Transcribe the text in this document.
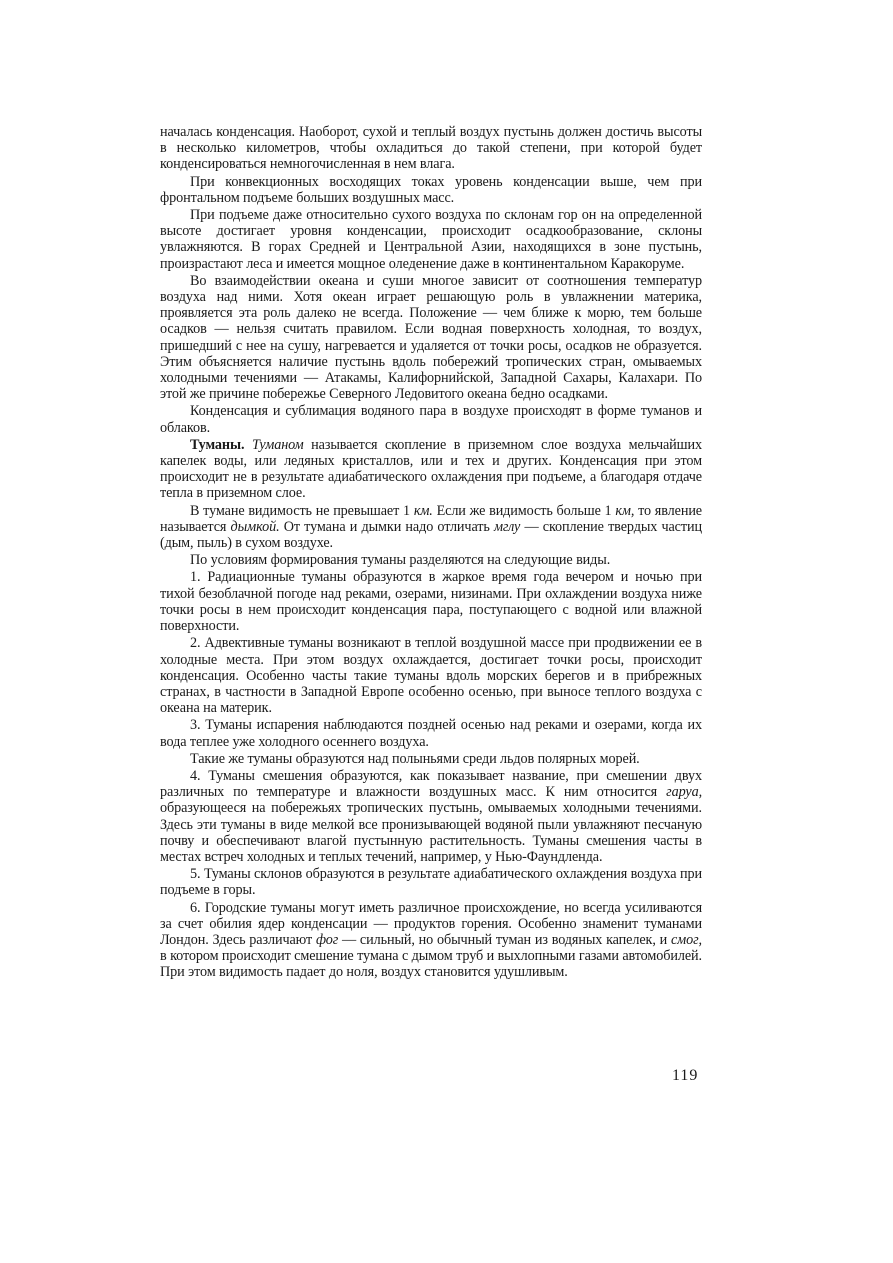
началась конденсация. Наоборот, сухой и теплый воздух пустынь должен достичь высоты в несколько километров, чтобы охладиться до такой степени, при которой будет конденсироваться немногочисленная в нем влага.

При конвекционных восходящих токах уровень конденсации выше, чем при фронтальном подъеме больших воздушных масс.

При подъеме даже относительно сухого воздуха по склонам гор он на определенной высоте достигает уровня конденсации, происходит осадкообразование, склоны увлажняются. В горах Средней и Центральной Азии, находящихся в зоне пустынь, произрастают леса и имеется мощное оледенение даже в континентальном Каракоруме.

Во взаимодействии океана и суши многое зависит от соотношения температур воздуха над ними. Хотя океан играет решающую роль в увлажнении материка, проявляется эта роль далеко не всегда. Положение — чем ближе к морю, тем больше осадков — нельзя считать правилом. Если водная поверхность холодная, то воздух, пришедший с нее на сушу, нагревается и удаляется от точки росы, осадков не образуется. Этим объясняется наличие пустынь вдоль побережий тропических стран, омываемых холодными течениями — Атакамы, Калифорнийской, Западной Сахары, Калахари. По этой же причине побережье Северного Ледовитого океана бедно осадками.

Конденсация и сублимация водяного пара в воздухе происходят в форме туманов и облаков.

Туманы. Туманом называется скопление в приземном слое воздуха мельчайших капелек воды, или ледяных кристаллов, или и тех и других. Конденсация при этом происходит не в результате адиабатического охлаждения при подъеме, а благодаря отдаче тепла в приземном слое.

В тумане видимость не превышает 1 км. Если же видимость больше 1 км, то явление называется дымкой. От тумана и дымки надо отличать мглу — скопление твердых частиц (дым, пыль) в сухом воздухе.

По условиям формирования туманы разделяются на следующие виды.

1. Радиационные туманы образуются в жаркое время года вечером и ночью при тихой безоблачной погоде над реками, озерами, низинами. При охлаждении воздуха ниже точки росы в нем происходит конденсация пара, поступающего с водной или влажной поверхности.

2. Адвективные туманы возникают в теплой воздушной массе при продвижении ее в холодные места. При этом воздух охлаждается, достигает точки росы, происходит конденсация. Особенно часты такие туманы вдоль морских берегов и в прибрежных странах, в частности в Западной Европе особенно осенью, при выносе теплого воздуха с океана на материк.

3. Туманы испарения наблюдаются поздней осенью над реками и озерами, когда их вода теплее уже холодного осеннего воздуха.

Такие же туманы образуются над полыньями среди льдов полярных морей.

4. Туманы смешения образуются, как показывает название, при смешении двух различных по температуре и влажности воздушных масс. К ним относится гаруа, образующееся на побережьях тропических пустынь, омываемых холодными течениями. Здесь эти туманы в виде мелкой все пронизывающей водяной пыли увлажняют песчаную почву и обеспечивают влагой пустынную растительность. Туманы смешения часты в местах встреч холодных и теплых течений, например, у Нью-Фаундленда.

5. Туманы склонов образуются в результате адиабатического охлаждения воздуха при подъеме в горы.

6. Городские туманы могут иметь различное происхождение, но всегда усиливаются за счет обилия ядер конденсации — продуктов горения. Особенно знаменит туманами Лондон. Здесь различают фог — сильный, но обычный туман из водяных капелек, и смог, в котором происходит смешение тумана с дымом труб и выхлопными газами автомобилей. При этом видимость падает до ноля, воздух становится удушливым.

119
